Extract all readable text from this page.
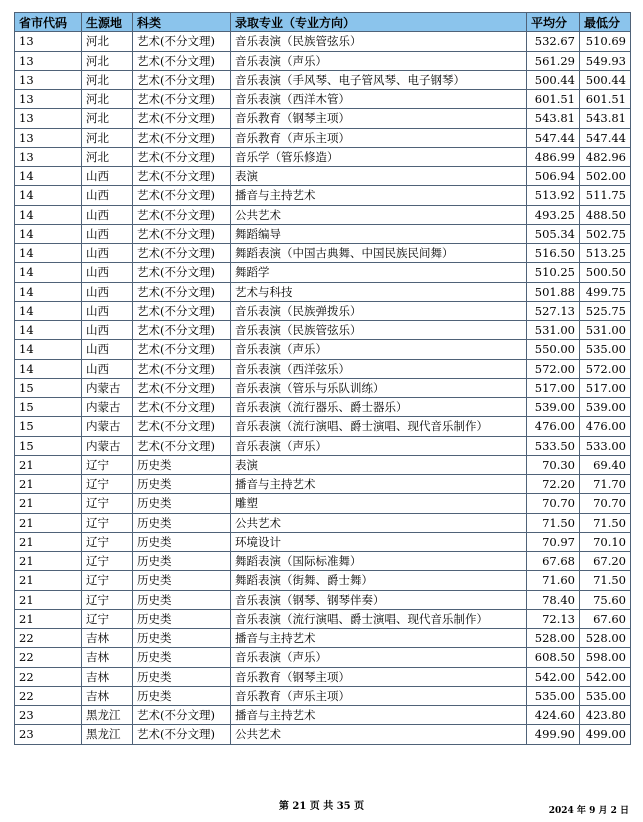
省市代码	生源地	科类	录取专业（专业方向）	平均分	最低分
13	河北	艺术(不分文理)	音乐表演（民族管弦乐）	532.67	510.69
13	河北	艺术(不分文理)	音乐表演（声乐）	561.29	549.93
13	河北	艺术(不分文理)	音乐表演（手风琴、电子管风琴、电子钢琴）	500.44	500.44
13	河北	艺术(不分文理)	音乐表演（西洋木管）	601.51	601.51
13	河北	艺术(不分文理)	音乐教育（钢琴主项）	543.81	543.81
13	河北	艺术(不分文理)	音乐教育（声乐主项）	547.44	547.44
13	河北	艺术(不分文理)	音乐学（管乐修造）	486.99	482.96
14	山西	艺术(不分文理)	表演	506.94	502.00
14	山西	艺术(不分文理)	播音与主持艺术	513.92	511.75
14	山西	艺术(不分文理)	公共艺术	493.25	488.50
14	山西	艺术(不分文理)	舞蹈编导	505.34	502.75
14	山西	艺术(不分文理)	舞蹈表演（中国古典舞、中国民族民间舞）	516.50	513.25
14	山西	艺术(不分文理)	舞蹈学	510.25	500.50
14	山西	艺术(不分文理)	艺术与科技	501.88	499.75
14	山西	艺术(不分文理)	音乐表演（民族弹拨乐）	527.13	525.75
14	山西	艺术(不分文理)	音乐表演（民族管弦乐）	531.00	531.00
14	山西	艺术(不分文理)	音乐表演（声乐）	550.00	535.00
14	山西	艺术(不分文理)	音乐表演（西洋弦乐）	572.00	572.00
15	内蒙古	艺术(不分文理)	音乐表演（管乐与乐队训练）	517.00	517.00
15	内蒙古	艺术(不分文理)	音乐表演（流行器乐、爵士器乐）	539.00	539.00
15	内蒙古	艺术(不分文理)	音乐表演（流行演唱、爵士演唱、现代音乐制作）	476.00	476.00
15	内蒙古	艺术(不分文理)	音乐表演（声乐）	533.50	533.00
21	辽宁	历史类	表演	70.30	69.40
21	辽宁	历史类	播音与主持艺术	72.20	71.70
21	辽宁	历史类	雕塑	70.70	70.70
21	辽宁	历史类	公共艺术	71.50	71.50
21	辽宁	历史类	环境设计	70.97	70.10
21	辽宁	历史类	舞蹈表演（国际标准舞）	67.68	67.20
21	辽宁	历史类	舞蹈表演（街舞、爵士舞）	71.60	71.50
21	辽宁	历史类	音乐表演（钢琴、钢琴伴奏）	78.40	75.60
21	辽宁	历史类	音乐表演（流行演唱、爵士演唱、现代音乐制作）	72.13	67.60
22	吉林	历史类	播音与主持艺术	528.00	528.00
22	吉林	历史类	音乐表演（声乐）	608.50	598.00
22	吉林	历史类	音乐教育（钢琴主项）	542.00	542.00
22	吉林	历史类	音乐教育（声乐主项）	535.00	535.00
23	黑龙江	艺术(不分文理)	播音与主持艺术	424.60	423.80
23	黑龙江	艺术(不分文理)	公共艺术	499.90	499.00
第 21 页 共 35 页	2024 年 9 月 2 日
